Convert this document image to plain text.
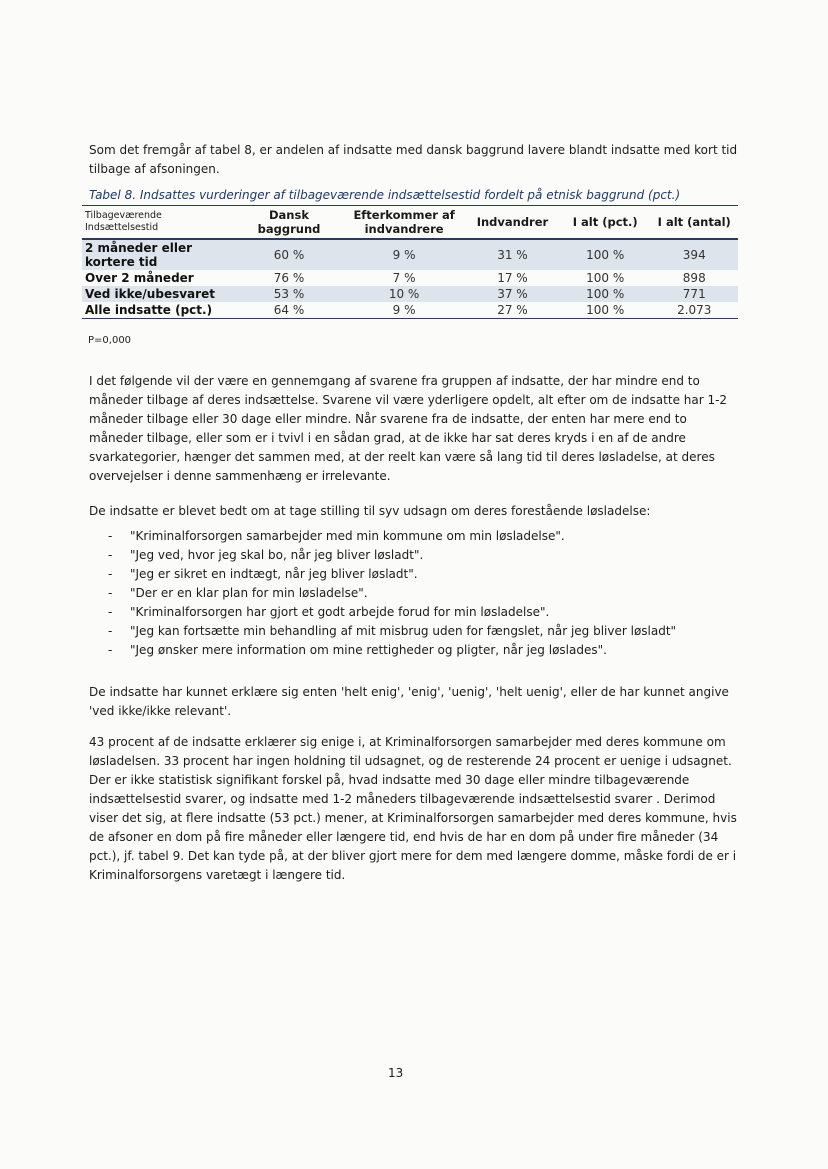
Som det fremgår af tabel 8, er andelen af indsatte med dansk baggrund lavere blandt indsatte med kort tid tilbage af afsoningen.

Tabel 8. Indsattes vurderinger af tilbageværende indsættelsestid fordelt på etnisk baggrund (pct.)
Tilbageværende Indsættelsestid	Dansk baggrund	Efterkommer af indvandrere	Indvandrer	I alt (pct.)	I alt (antal)
2 måneder eller kortere tid	60 %	9 %	31 %	100 %	394
Over 2 måneder	76 %	7 %	17 %	100 %	898
Ved ikke/ubesvaret	53 %	10 %	37 %	100 %	771
Alle indsatte (pct.)	64 %	9 %	27 %	100 %	2.073
P=0,000

I det følgende vil der være en gennemgang af svarene fra gruppen af indsatte, der har mindre end to måneder tilbage af deres indsættelse. Svarene vil være yderligere opdelt, alt efter om de indsatte har 1-2 måneder tilbage eller 30 dage eller mindre. Når svarene fra de indsatte, der enten har mere end to måneder tilbage, eller som er i tvivl i en sådan grad, at de ikke har sat deres kryds i en af de andre svarkategorier, hænger det sammen med, at der reelt kan være så lang tid til deres løsladelse, at deres overvejelser i denne sammenhæng er irrelevante.

De indsatte er blevet bedt om at tage stilling til syv udsagn om deres forestående løsladelse:

- "Kriminalforsorgen samarbejder med min kommune om min løsladelse".
- "Jeg ved, hvor jeg skal bo, når jeg bliver løsladt".
- "Jeg er sikret en indtægt, når jeg bliver løsladt".
- "Der er en klar plan for min løsladelse".
- "Kriminalforsorgen har gjort et godt arbejde forud for min løsladelse".
- "Jeg kan fortsætte min behandling af mit misbrug uden for fængslet, når jeg bliver løsladt"
- "Jeg ønsker mere information om mine rettigheder og pligter, når jeg løslades".

De indsatte har kunnet erklære sig enten 'helt enig', 'enig', 'uenig', 'helt uenig', eller de har kunnet angive 'ved ikke/ikke relevant'.

43 procent af de indsatte erklærer sig enige i, at Kriminalforsorgen samarbejder med deres kommune om løsladelsen. 33 procent har ingen holdning til udsagnet, og de resterende 24 procent er uenige i udsagnet. Der er ikke statistisk signifikant forskel på, hvad indsatte med 30 dage eller mindre tilbageværende indsættelsestid svarer, og indsatte med 1-2 måneders tilbageværende indsættelsestid svarer . Derimod viser det sig, at flere indsatte (53 pct.) mener, at Kriminalforsorgen samarbejder med deres kommune, hvis de afsoner en dom på fire måneder eller længere tid, end hvis de har en dom på under fire måneder (34 pct.), jf. tabel 9. Det kan tyde på, at der bliver gjort mere for dem med længere domme, måske fordi de er i Kriminalforsorgens varetægt i længere tid.

13
